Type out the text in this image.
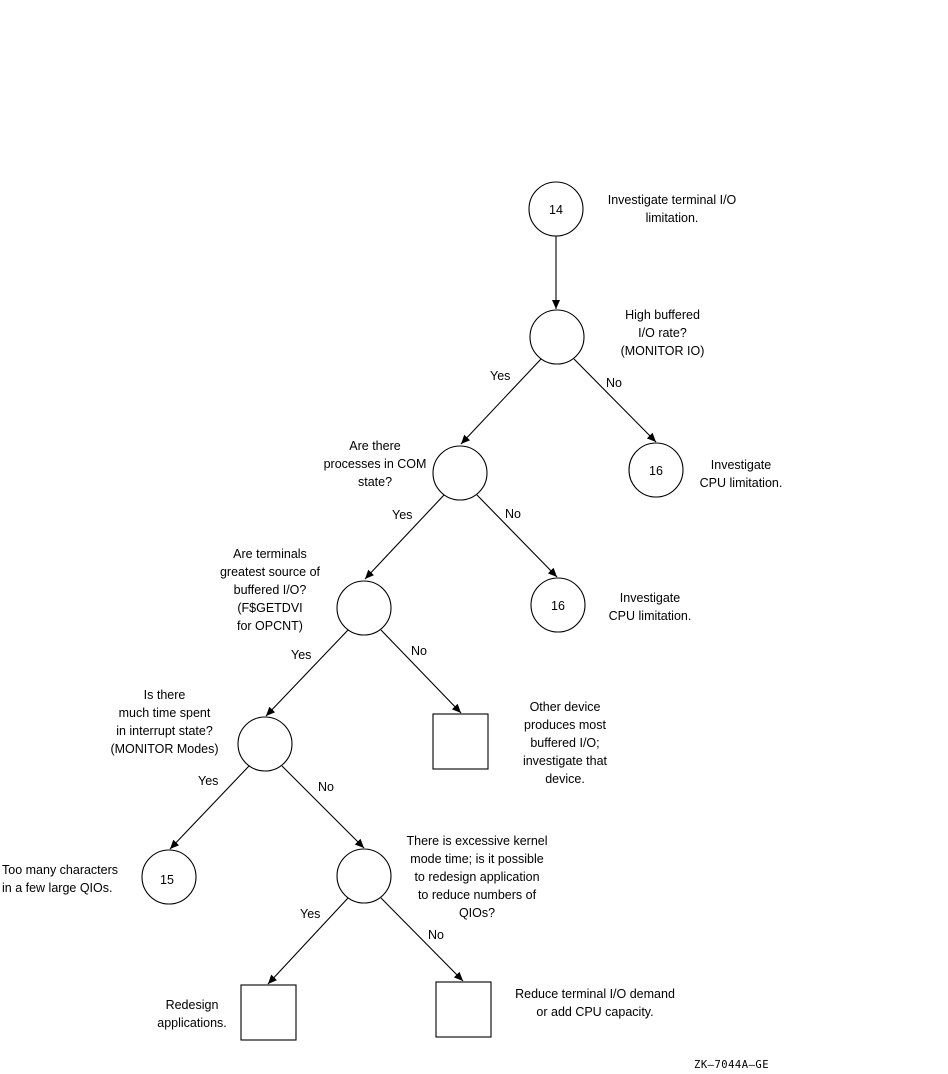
14
16
16
15
Investigate terminal I/O
limitation.
High buffered
I/O rate?
(MONITOR IO)
Yes	No
Investigate
CPU limitation.
Are there
processes in COM
state?
Yes	No
Investigate
CPU limitation.
Are terminals
greatest source of
buffered I/O?
(F$GETDVI
for OPCNT)
Yes	No
Other device
produces most
buffered I/O;
investigate that
device.
Is there
much time spent
in interrupt state?
(MONITOR Modes)
Yes	No
Too many characters
in a few large QIOs.
There is excessive kernel
mode time; is it possible
to redesign application
to reduce numbers of
QIOs?
Yes
No
Redesign
applications.
Reduce terminal I/O demand
or add CPU capacity.
ZK–7044A–GE
